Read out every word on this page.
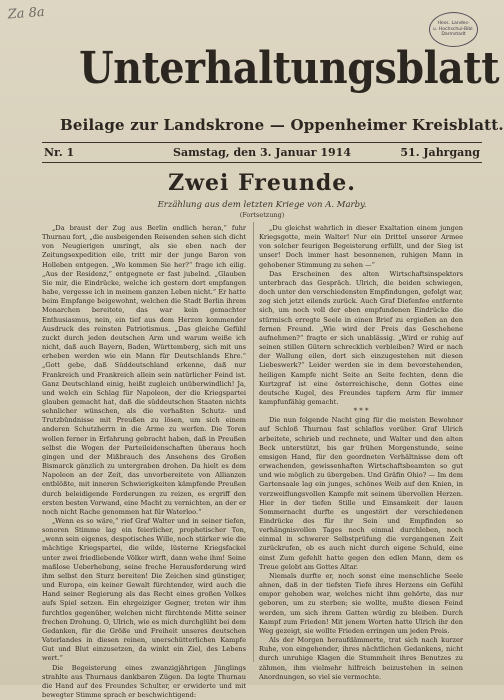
Za 8a
Hess. Landes-
u. Hochschul-Bibl.
Darmstadt
Unterhaltungsblatt
Beilage zur Landskrone — Oppenheimer Kreisblatt.
Nr. 1	Samstag, den 3. Januar 1914	51. Jahrgang
Zwei Freunde.
Erzählung aus dem letzten Kriege von A. Marby.
(Fortsetzung)

„Da braust der Zug aus Berlin endlich heran,“ fuhr Thurnau fort, „die ausbeigenden Reisenden sehen sich dicht von Neugierigen umringt, als sie eben nach der Zeitungsexpedition eile, tritt mir der junge Baron von Holleben entgegen. „Wo kommen Sie her?“ frage ich eilig. „Aus der Residenz,“ entgegnete er fast jubelnd. „Glauben Sie mir, die Eindrücke, welche ich gestern dort empfangen habe, vergesse ich in meinem ganzen Leben nicht.“ Er hatte beim Empfange beigewohnt, welchen die Stadt Berlin ihrem Monarchen bereitete, das war kein gemachter Enthusiasmus, nein, ein tief aus dem Herzen kommender Ausdruck des reinsten Patriotismus. „Das gleiche Gefühl zuckt durch jeden deutschen Arm und warum weiße ich nicht, daß auch Bayern, Baden, Württemberg, sich mit uns erheben werden wie ein Mann für Deutschlands Ehre.“ „Gott gebe, daß Süddeutschland erkenne, daß nur Frankreich und Frankreich allein sein natürlicher Feind ist. Ganz Deutschland einig, heißt zugleich unüberwindlich! Ja, und welch ein Schlag für Napoleon, der die Kriegspartei glauben gemacht hat, daß die süddeutschen Staaten nichts sehnlicher wünschen, als die verhaßten Schutz- und Trutzbündnisse mit Preußen zu lösen, um sich einem anderen Schutzherrn in die Arme zu werfen. Die Toren wollen ferner in Erfahrung gebracht haben, daß in Preußen selbst die Wogen der Parteileidenschaften überaus hoch gingen und der Mißbrauch des Ansehens des Großen Bismarck gänzlich zu untergraben drohen. Da hielt es dem Napoleon an der Zeit, das unvorbereitete von Allianzen entblößte, mit inneren Schwierigkeiten kämpfende Preußen durch beleidigende Forderungen zu reizen, es ergriff den ersten besten Vorwand, eine Macht zu vernichten, an der er noch nicht Rache genommen hat für Waterloo.“

„Wenn es so wäre,“ rief Graf Walter und in seiner tiefen, sonoren Stimme lag ein feierlicher, prophetischer Ton, „wenn sein eigenes, despotisches Wille, noch stärker wie die mächtige Kriegspartei, die wilde, lüsterne Kriegsfackel unter zwei friedliebende Völker wirft, dann wehe ihm! Seine maßlose Ueberhebung, seine freche Herausforderung wird ihm selbst den Sturz bereiten! Die Zeichen sind günstiger, und Europa, ein keiner Gewalt fürchtender, wird auch die Hand seiner Regierung als das Recht eines großen Volkes aufs Spiel setzen. Ein ehrgeiziger Gegner, treten wir ihm furchtlos gegenüber, welchen nicht fürchtende Mitte seiner frechen Drohung. O, Ulrich, wie es mich durchglüht bei dem Gedanken, für die Größe und Freiheit unseres deutschen Vaterlandes in diesen reinen, unerschütterlichen Kampfe Gut und Blut einzusetzen, da winkt ein Ziel, des Lebens wert.“

Die Begeisterung eines zwanzigjährigen Jünglings strahlte aus Thurnaus dankbaren Zügen. Da legte Thurnau die Hand auf des Freundes Schulter, er erwiderte und mit bewegter Stimme sprach er beschwichtigend:

„Du gleichst wahrlich in dieser Exaltation einem jungen Kriegsgotte, mein Walter! Nur ein Drittel unserer Armee von solcher feurigen Begeisterung erfüllt, und der Sieg ist unser! Doch immer hast besonnenen, ruhigen Mann in gehobener Stimmung zu sehen —“

Das Erscheinen des alten Wirtschaftsinspektors unterbrach das Gespräch. Ulrich, die beiden schwiegen, doch unter den verschiedensten Empfindungen, gefolgt war, zog sich jetzt eilends zurück. Auch Graf Diefenfee entfernte sich, um noch voll der eben empfundenen Eindrücke die stürmisch erregte Seele in einen Brief zu ergießen an den fernen Freund. „Wie wird der Preis das Geschehene aufnehmen?“ fragte er sich unablässig. „Wird er ruhig auf seinen stillen Gütern schrecklich verbleiben? Wird er nach der Wallung eilen, dort sich einzugestehen mit diesen Liebeswerk?“ Leider werden sie in dem bevorstehenden, heiligen Kampfe nicht Seite an Seite fechten, denn die Kurtzgraf ist eine österreichische, denn Gottes eine deutsche Kugel, des Freundes tapfern Arm für immer kampfunfähig gemacht.

* * *

Die nun folgende Nacht ging für die meisten Bewohner auf Schloß Thurnau fast schlaflos vorüber. Graf Ulrich arbeitete, schrieb und rechnete, und Walter und den alten Beck unterstützt, bis gar frühen Morgenstunde, seine emsigen Hand, für den geordneten Verhältnisse dem oft erwachenden, gewissenhaften Wirtschaftsbeamten so gut und wie möglich zu übergeben. Und Gräfin Ohio? — Im dem Gartensaale lag ein junges, schönes Weib auf den Knien, in verzweiflungsvollen Kampfe mit seinem übervollen Herzen. Hier in der tiefen Stille und Einsamkeit der lauen Sommernacht durfte es ungestört der verschiedenen Eindrücke des für ihr Sein und Empfinden so verhängnisvollen Tages noch einmal durchleben, noch einmal in schwerer Selbstprüfung die vergangenen Zeit zurückrufen, ob es auch nicht durch eigene Schuld, eine einst Zum gefehlt hatte gegen den edlen Mann, dem es Treue gelobt am Gottes Altar.

Niemals durfte er, noch sonst eine menschliche Seele ahnen, daß in der tiefsten Tiefe ihres Herzens ein Gefühl empor gehoben war, welches nicht ihm gehörte, das nur geboren, um zu sterben; sie wollte, mußte diesen Feind werden, um sich ihrem Gatten würdig zu bleiben. Durch Kampf zum Frieden! Mit jenem Worten hatte Ulrich ihr den Weg gezeigt, sie wollte Frieden erringen um jeden Preis.

Als der Morgen heraufdämmerte, trat sich nach kurzer Ruhe, von eingehender, ihres nächtlichen Gedankens, nicht durch unruhige Klagen die Stummheit ihres Benutzes zu zähmen, ihm vielmehr hilfreich beizustehen in seinen Anordnungen, so viel sie vermochte.
